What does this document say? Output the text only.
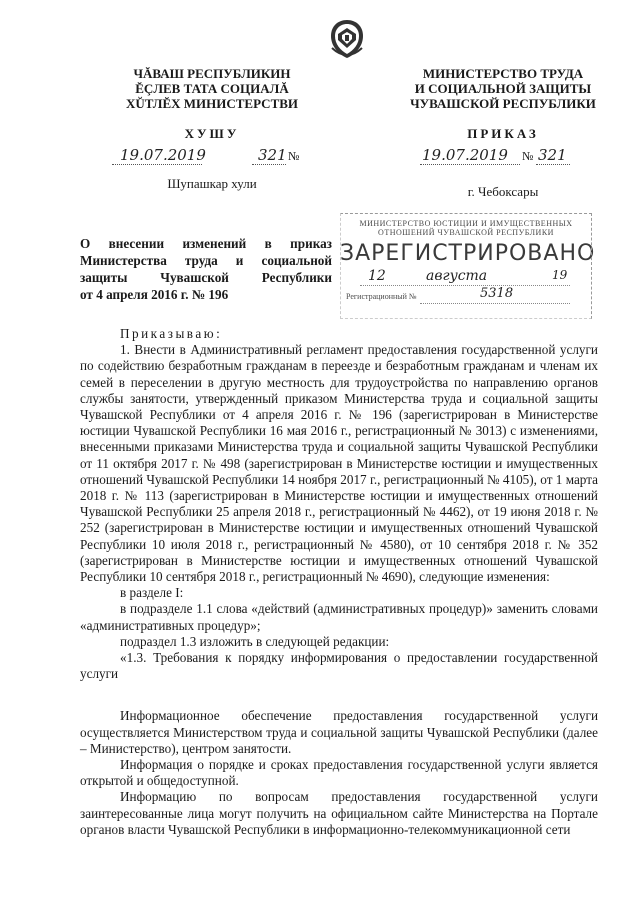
ЧĂВАШ РЕСПУБЛИКИН
ĔÇЛЕВ ТАТА СОЦИАЛĂ
ХŬТЛĔХ МИНИСТЕРСТВИ
ХУШУ
19.07.2019	321 №
Шупашкар хули
МИНИСТЕРСТВО ТРУДА
И СОЦИАЛЬНОЙ ЗАЩИТЫ
ЧУВАШСКОЙ РЕСПУБЛИКИ
ПРИКАЗ
19.07.2019 № 321
г. Чебоксары
О внесении изменений в приказ
Министерства труда и социальной
защиты Чувашской Республики
от 4 апреля 2016 г. № 196
МИНИСТЕРСТВО ЮСТИЦИИ И ИМУЩЕСТВЕННЫХ
ОТНОШЕНИЙ ЧУВАШСКОЙ РЕСПУБЛИКИ
ЗАРЕГИСТРИРОВАНО
12	августа	19
Регистрационный №	5318

Приказываю:

1. Внести в Административный регламент предоставления государственной услуги по содействию безработным гражданам в переезде и безработным гражданам и членам их семей в переселении в другую местность для трудоустройства по направлению органов службы занятости, утвержденный приказом Министерства труда и социальной защиты Чувашской Республики от 4 апреля 2016 г. № 196 (зарегистрирован в Министерстве юстиции Чувашской Республики 16 мая 2016 г., регистрационный № 3013) с изменениями, внесенными приказами Министерства труда и социальной защиты Чувашской Республики от 11 октября 2017 г. № 498 (зарегистрирован в Министерстве юстиции и имущественных отношений Чувашской Республики 14 ноября 2017 г., регистрационный № 4105), от 1 марта 2018 г. № 113 (зарегистрирован в Министерстве юстиции и имущественных отношений Чувашской Республики 25 апреля 2018 г., регистрационный № 4462), от 19 июня 2018 г. № 252 (зарегистрирован в Министерстве юстиции и имущественных отношений Чувашской Республики 10 июля 2018 г., регистрационный № 4580), от 10 сентября 2018 г. № 352 (зарегистрирован в Министерстве юстиции и имущественных отношений Чувашской Республики 10 сентября 2018 г., регистрационный № 4690), следующие изменения:

в разделе I:

в подразделе 1.1 слова «действий (административных процедур)» заменить словами «административных процедур»;

подраздел 1.3 изложить в следующей редакции:

«1.3. Требования к порядку информирования о предоставлении государственной услуги

Информационное обеспечение предоставления государственной услуги осуществляется Министерством труда и социальной защиты Чувашской Республики (далее – Министерство), центром занятости.

Информация о порядке и сроках предоставления государственной услуги является открытой и общедоступной.

Информацию по вопросам предоставления государственной услуги заинтересованные лица могут получить на официальном сайте Министерства на Портале органов власти Чувашской Республики в информационно-телекоммуникационной сети
